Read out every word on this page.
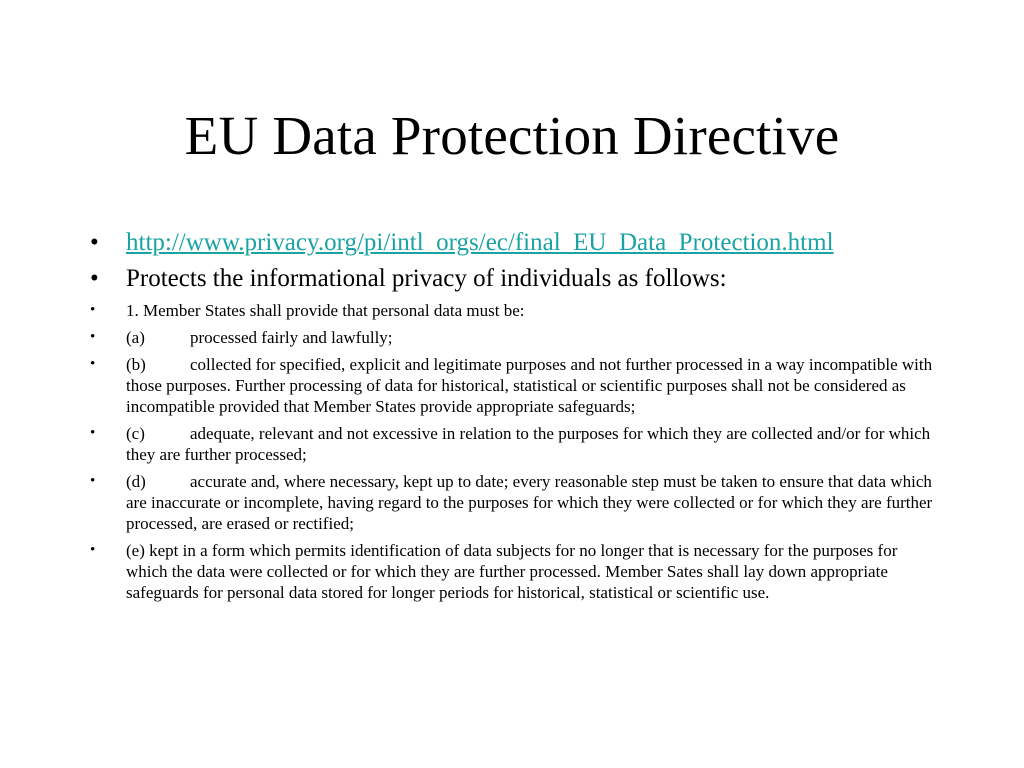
EU Data Protection Directive
• http://www.privacy.org/pi/intl_orgs/ec/final_EU_Data_Protection.html
• Protects the informational privacy of individuals as follows:
• 1. Member States shall provide that personal data must be:
• (a)	processed fairly and lawfully;
• (b)	collected for specified, explicit and legitimate purposes and not further processed in a way incompatible with those purposes. Further processing of data for historical, statistical or scientific purposes shall not be considered as incompatible provided that Member States provide appropriate safeguards;
• (c)	adequate, relevant and not excessive in relation to the purposes for which they are collected and/or for which they are further processed;
• (d)	accurate and, where necessary, kept up to date; every reasonable step must be taken to ensure that data which are inaccurate or incomplete, having regard to the purposes for which they were collected or for which they are further processed, are erased or rectified;
• (e) kept in a form which permits identification of data subjects for no longer that is necessary for the purposes for which the data were collected or for which they are further processed. Member Sates shall lay down appropriate safeguards for personal data stored for longer periods for historical, statistical or scientific use.
